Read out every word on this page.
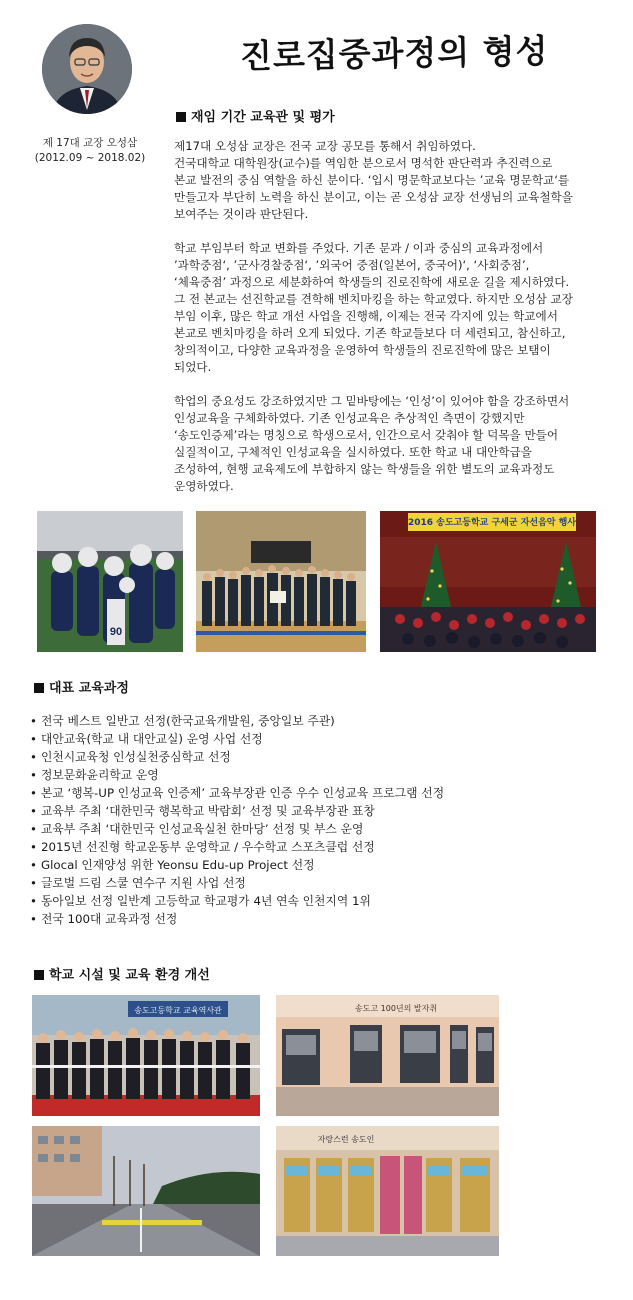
제 17대 교장 오성삼
(2012.09 ~ 2018.02)
진로집중과정의 형성
재임 기간 교육관 및 평가

제17대 오성삼 교장은 전국 교장 공모를 통해서 취임하였다.
건국대학교 대학원장(교수)를 역임한 분으로서 명석한 판단력과 추진력으로
본교 발전의 중심 역할을 하신 분이다. ‘입시 명문학교보다는 ’교육 명문학교‘를
만들고자 부단히 노력을 하신 분이고, 이는 곧 오성삼 교장 선생님의 교육철학을
보여주는 것이라 판단된다.

학교 부임부터 학교 변화를 주었다. 기존 문과 / 이과 중심의 교육과정에서
’과학중점‘, ’군사경찰중점‘, ’외국어 중점(일본어, 중국어)‘, ‘사회중점’,
‘체육중점’ 과정으로 세분화하여 학생들의 진로진학에 새로운 길을 제시하였다.
그 전 본교는 선진학교를 견학해 벤치마킹을 하는 학교였다. 하지만 오성삼 교장
부임 이후, 많은 학교 개선 사업을 진행해, 이제는 전국 각지에 있는 학교에서
본교로 벤치마킹을 하러 오게 되었다. 기존 학교들보다 더 세련되고, 참신하고,
창의적이고, 다양한 교육과정을 운영하여 학생들의 진로진학에 많은 보탬이
되었다.

학업의 중요성도 강조하였지만 그 밑바탕에는 ‘인성’이 있어야 함을 강조하면서
인성교육을 구체화하였다. 기존 인성교육은 추상적인 측면이 강했지만
‘송도인증제’라는 명칭으로 학생으로서, 인간으로서 갖춰야 할 덕목을 만들어
실질적이고, 구체적인 인성교육을 실시하였다. 또한 학교 내 대안학급을
조성하여, 현행 교육제도에 부합하지 않는 학생들을 위한 별도의 교육과정도
운영하였다.

90
2016 송도고등학교 구세군 자선음악 행사
대표 교육과정
• 전국 베스트 일반고 선정(한국교육개발원, 중앙일보 주관)
• 대안교육(학교 내 대안교실) 운영 사업 선정
• 인천시교육청 인성실천중심학교 선정
• 정보문화윤리학교 운영
• 본교 ‘행복-UP 인성교육 인증제’ 교육부장관 인증 우수 인성교육 프로그램 선정
• 교육부 주최 ‘대한민국 행복학교 박람회’ 선정 및 교육부장관 표창
• 교육부 주최 ‘대한민국 인성교육실천 한마당’ 선정 및 부스 운영
• 2015년 선진형 학교운동부 운영학교 / 우수학교 스포츠클럽 선정
• Glocal 인재양성 위한 Yeonsu Edu-up Project 선정
• 글로벌 드림 스쿨 연수구 지원 사업 선정
• 동아일보 선정 일반계 고등학교 학교평가 4년 연속 인천지역 1위
• 전국 100대 교육과정 선정
학교 시설 및 교육 환경 개선
송도고등학교 교육역사관	송도고 100년의 발자취
자랑스런 송도인
